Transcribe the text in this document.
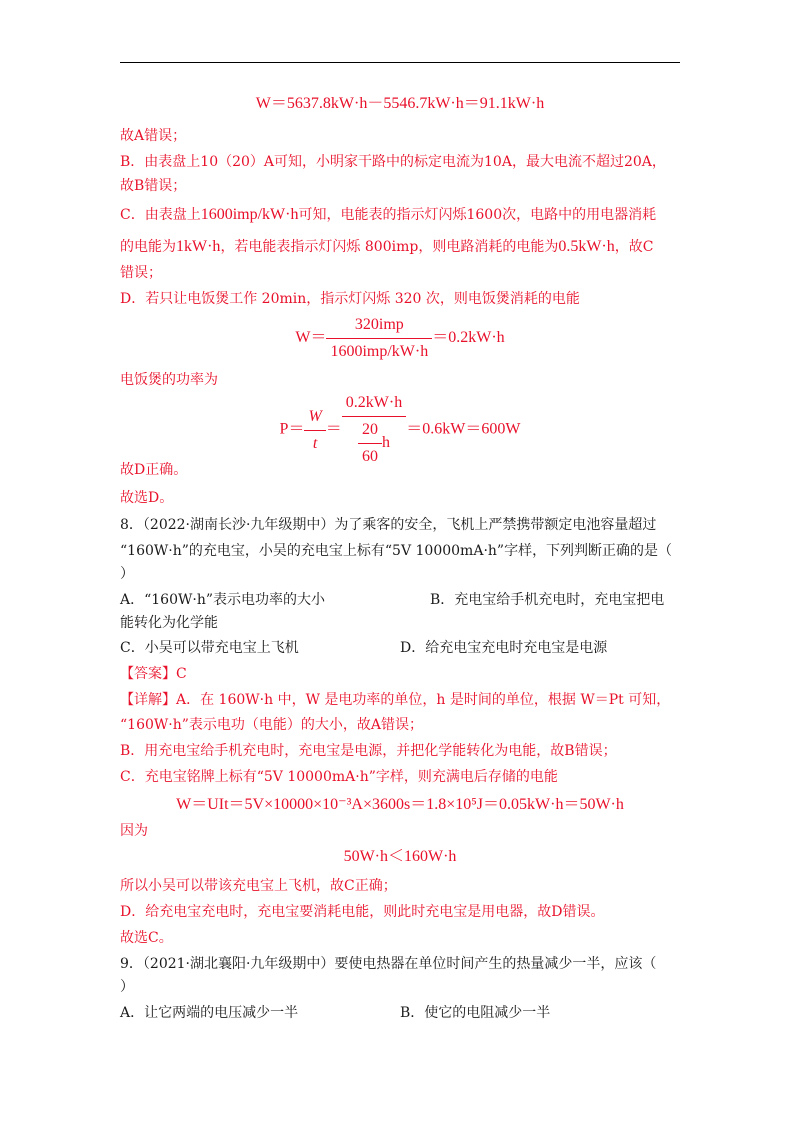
W＝5637.8kW·h－5546.7kW·h＝91.1kW·h
故A错误；
B．由表盘上10（20）A可知，小明家干路中的标定电流为10A，最大电流不超过20A，
故B错误；
C．由表盘上1600imp/kW·h可知，电能表的指示灯闪烁1600次，电路中的用电器消耗
的电能为1kW·h，若电能表指示灯闪烁 800imp，则电路消耗的电能为0.5kW·h，故C
错误；
D．若只让电饭煲工作 20min，指示灯闪烁 320 次，则电饭煲消耗的电能
$W= \frac{\text{320imp}}{\text{1600imp/kW·h}} =0.2kW\cdot h$
电饭煲的功率为
$P= \frac{W}{t} = \frac{0.2kW\cdot h}{\frac{20}{60} h} =0.6kW=600W$
故D正确。
故选D。
8．（2022·湖南长沙·九年级期中）为了乘客的安全，飞机上严禁携带额定电池容量超过
“160W·h”的充电宝，小吴的充电宝上标有“5V 10000mA·h”字样，下列判断正确的是（
）
A．“160W·h”表示电功率的大小	B．充电宝给手机充电时，充电宝把电
能转化为化学能
C．小吴可以带充电宝上飞机	D．给充电宝充电时充电宝是电源
【答案】C
【详解】A．在 160W·h 中，W 是电功率的单位，h 是时间的单位，根据 W＝Pt 可知，
“160W·h”表示电功（电能）的大小，故A错误；
B．用充电宝给手机充电时，充电宝是电源，并把化学能转化为电能，故B错误；
C．充电宝铭牌上标有“5V 10000mA·h”字样，则充满电后存储的电能
W＝UIt＝5V×10000×10⁻³A×3600s＝1.8×10⁵J＝0.05kW·h＝50W·h
因为
50W·h＜160W·h
所以小吴可以带该充电宝上飞机，故C正确；
D．给充电宝充电时，充电宝要消耗电能，则此时充电宝是用电器，故D错误。
故选C。
9．（2021·湖北襄阳·九年级期中）要使电热器在单位时间产生的热量减少一半，应该（
）
A．让它两端的电压减少一半	B．使它的电阻减少一半
